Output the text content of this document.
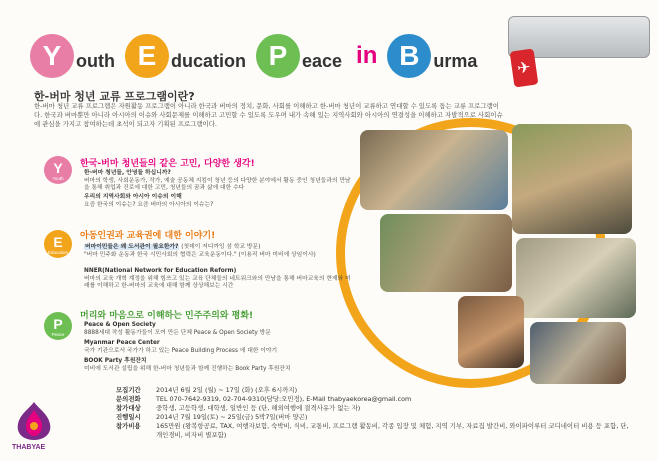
✈
Y outh E ducation P eace in B urma
한-버마 청년 교류 프로그램이란?
한-버마 청년 교류 프로그램은 자원활동 프로그램이 아니라 한국과 버마의 정치, 문화, 사회를 이해하고 한-버마 청년이 교류하고 연대할 수 있도록 돕는 교류 프로그램이다. 한국과 버마뿐만 아니라 아시아의 이슈와 사회문제를 이해하고 고민할 수 있도록 도우며 내가 속해 있는 지역사회와 아시아의 연결성을 이해하고 자발적으로 사회이슈에 관심을 가지고 참여하는데 초석이 되고자 기획된 프로그램이다.
Y
Youth
한국-버마 청년들의 같은 고민, 다양한 생각!
한-버마 청년들, 안녕들 하십니까?
버마의 학생, 사회운동가, 작가, 예술 공동체 지킴이 청년 등의 다양한 분야에서 활동 중인 청년들과의 만남을 통해 취업과 진로에 대한 고민, 청년들의 꿈과 삶에 대한 수다
우리의 지역사회와 아시아 이슈의 이해
요즘 한국의 이슈는? 요즘 버마의 아시아의 이슈는?
E
Education
아동인권과 교육권에 대한 이야기!
버마이민들은 왜 도서관이 필요한가? (첫데이 저디까잉 섬 학교 방문)
"버마 민주화 운동과 한국 시민사회의 협력은 교육운동이다." (이용직 버마 미비에 상임이사)
NNER(National Network for Education Reform)
버마의 교육 개혁 계정을 위해 힘쓰고 있는 교육 단체들의 네트워크와의 만남을 통해 버마교육의 현재와 미래를 이해하고 한-버마의 교육에 대해 함께 상상해보는 시간
P
Peace
머리와 마음으로 이해하는 민주주의와 평화!
Peace & Open Society
8888세대 작성 활동가들이 모여 만든 단체 Peace & Open Society 방문
Myanmar Peace Center
국가 기관으로서 국가가 하고 있는 Peace Building Process 에 대한 이야기
BOOK Party 후원잔치
미비에 도서관 설립을 위해 한-버마 청년들과 함께 진행하는 Book Party 후원잔치
모집기간	2014년 6월 2일 (월) ~ 17일 (화) (오후 6시까지)
문의전화	TEL 070-7642-9319, 02-704-9310(담당:오민정), E-Mail thabyaekorea@gmail.com
참가대상	중학생, 고등학생, 대학생, 일반인 등 (단, 해외여행에 결격사유가 없는 자)
진행일시	2014년 7월 19일(토) ~ 25일(금) 5박7일(버마 양곤)
참가비용	165만원 (왕복항공료, TAX, 여행자보험, 숙박비, 식비, 교통비, 프로그램 활동비, 각종 입장 및 체험, 지역 기부, 자료집 발간비, 와이파이루터 코디네이터 비용 등 포함, 단, 개인경비, 비자비 별포함)
THABYAE
